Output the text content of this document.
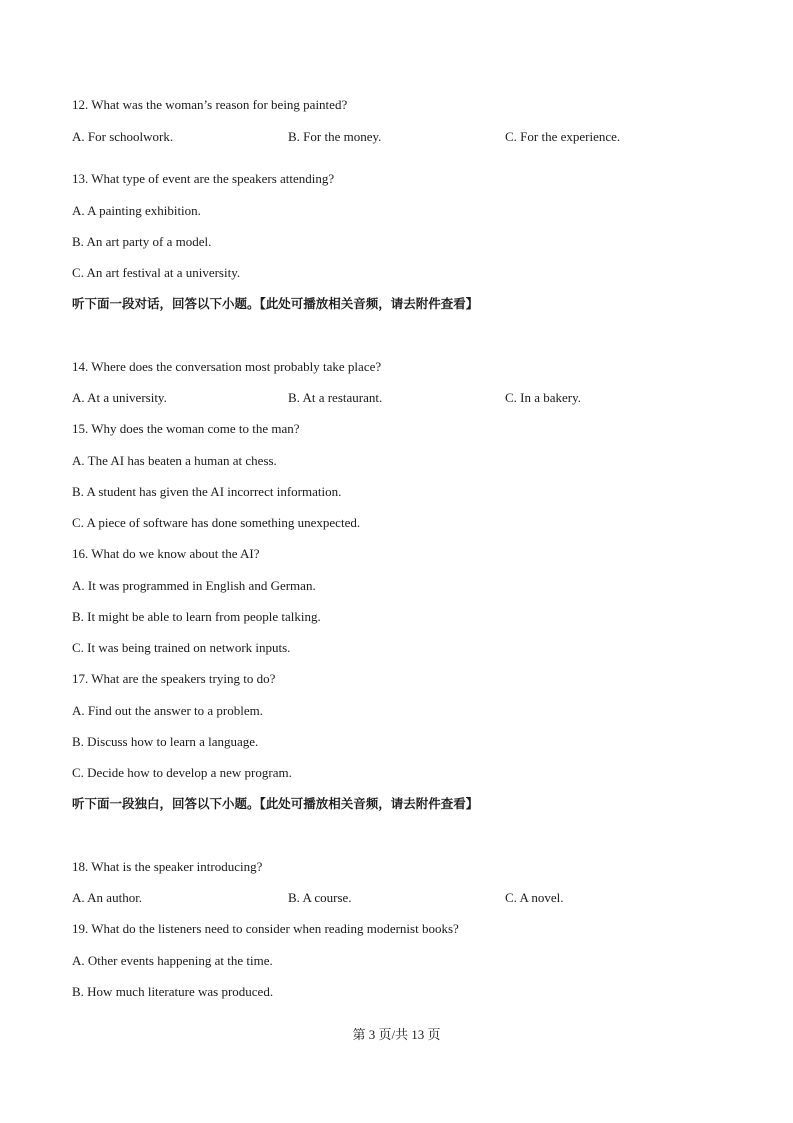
12. What was the woman’s reason for being painted?
A. For schoolwork.	B. For the money.	C. For the experience.
13. What type of event are the speakers attending?
A. A painting exhibition.
B. An art party of a model.
C. An art festival at a university.
听下面一段对话，回答以下小题。【此处可播放相关音频，请去附件查看】
14. Where does the conversation most probably take place?
A. At a university.	B. At a restaurant.	C. In a bakery.
15. Why does the woman come to the man?
A. The AI has beaten a human at chess.
B. A student has given the AI incorrect information.
C. A piece of software has done something unexpected.
16. What do we know about the AI?
A. It was programmed in English and German.
B. It might be able to learn from people talking.
C. It was being trained on network inputs.
17. What are the speakers trying to do?
A. Find out the answer to a problem.
B. Discuss how to learn a language.
C. Decide how to develop a new program.
听下面一段独白，回答以下小题。【此处可播放相关音频，请去附件查看】
18. What is the speaker introducing?
A. An author.	B. A course.	C. A novel.
19. What do the listeners need to consider when reading modernist books?
A. Other events happening at the time.
B. How much literature was produced.
第 3 页/共 13 页
